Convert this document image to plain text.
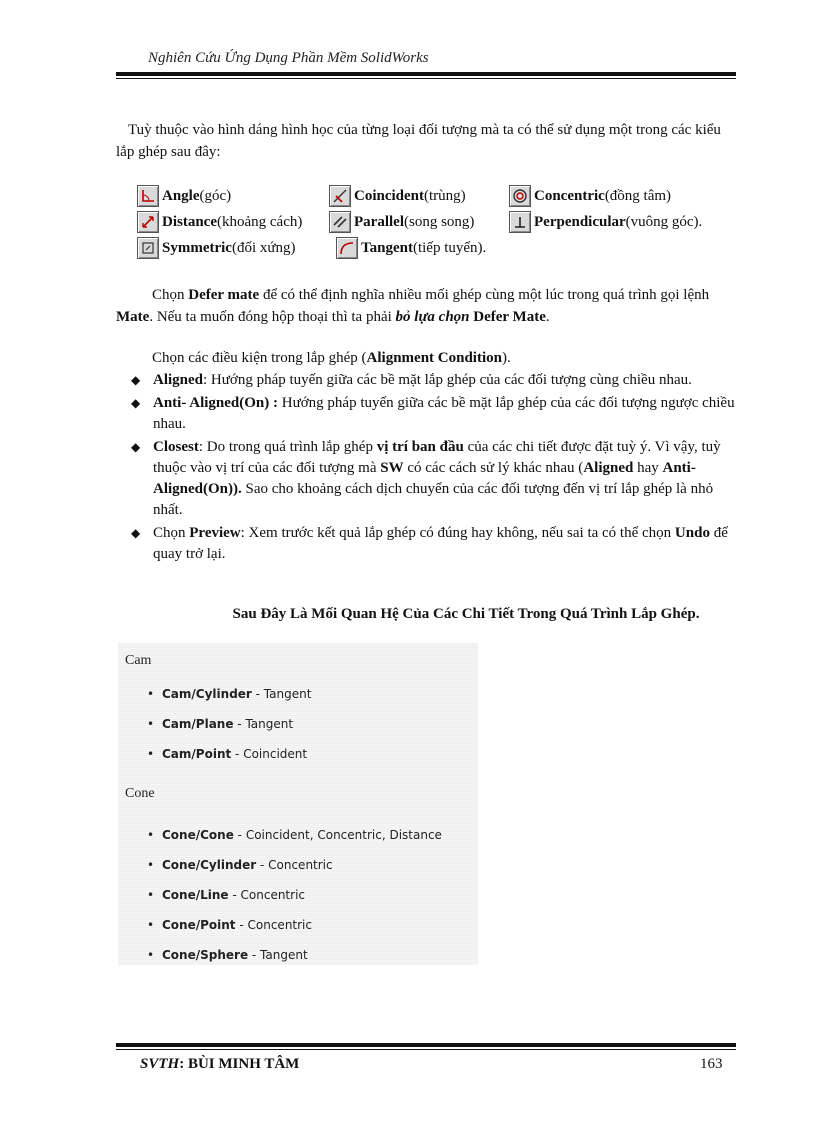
Nghiên Cứu Ứng Dụng Phần Mềm SolidWorks
Tuỳ thuộc vào hình dáng hình học của từng loại đối tượng mà ta có thể sử dụng một trong các kiểu lắp ghép sau đây:
Angle (góc)	Coincident (trùng)	Concentric (đồng tâm)
Distance (khoảng cách)	Parallel (song song)	Perpendicular (vuông góc).
Symmetric (đối xứng)	Tangent (tiếp tuyến).
Chọn Defer mate để có thể định nghĩa nhiều mối ghép cùng một lúc trong quá trình gọi lệnh Mate. Nếu ta muốn đóng hộp thoại thì ta phải bỏ lựa chọn Defer Mate.
Chọn các điều kiện trong lắp ghép (Alignment Condition).
◆ Aligned: Hướng pháp tuyến giữa các bề mặt lắp ghép của các đối tượng cùng chiều nhau.
◆ Anti- Aligned(On) : Hướng pháp tuyến giữa các bề mặt lắp ghép của các đối tượng ngược chiều nhau.
◆ Closest: Do trong quá trình lắp ghép vị trí ban đầu của các chi tiết được đặt tuỳ ý. Vì vậy, tuỳ thuộc vào vị trí của các đối tượng mà SW có các cách sử lý khác nhau (Aligned hay Anti- Aligned(On)). Sao cho khoảng cách dịch chuyển của các đối tượng đến vị trí lắp ghép là nhỏ nhất.
◆ Chọn Preview: Xem trước kết quả lắp ghép có đúng hay không, nếu sai ta có thể chọn Undo để quay trở lại.
Sau Đây Là Mối Quan Hệ Của Các Chi Tiết Trong Quá Trình Lắp Ghép.
Cam
• Cam/Cylinder - Tangent
• Cam/Plane - Tangent
• Cam/Point - Coincident
Cone
• Cone/Cone - Coincident, Concentric, Distance
• Cone/Cylinder - Concentric
• Cone/Line - Concentric
• Cone/Point - Concentric
• Cone/Sphere - Tangent
SVTH: BÙI MINH TÂM	163
